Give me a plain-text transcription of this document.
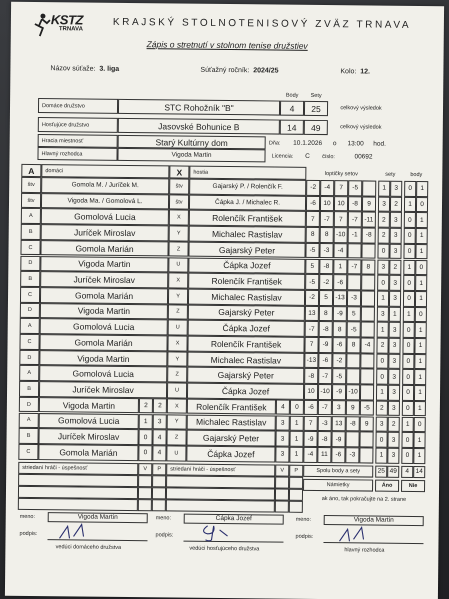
KSTZ
TRNAVA	KRAJSKÝ STOLNOTENISOVÝ ZVÄZ TRNAVA
Zápis o stretnutí v stolnom tenise družstiev
Názov súťaže: 3. liga	Súťažný ročník: 2024/25	Kolo: 12.
Body	Sety
Domáce družstvo	STC Rohožník "B"	4	25	celkový výsledok
Hosťujúce družstvo	Jasovské Bohunice B	14	49	celkový výsledok
Hracia miestnosť	Starý Kultúrny dom	Dňa:	10.1.2026	o	13:00	hod.
Hlavný rozhodca	Vigoda Martin	Licencia:	C	číslo:	00692
A	domáci	X	hostia	loptičky setov	sety	body
štv	Gomola M. / Juríček M.	štv	Gajarský P. / Rolenčík F.	-2	-4	7	-5	1	3	0	1
štv	Vigoda Ma. / Gomolová L.	štv	Čápka J. / Michalec R.	-6	10	10	-8	9	3	2	1	0
A	Gomolová Lucia	X	Rolenčík František	7	-7	7	-7	-11	2	3	0	1
B	Juríček Miroslav	Y	Michalec Rastislav	8	8	-10 -1	-8	2	3	0	1
C	Gomola Marián	Z	Gajarský Peter	-5	-3	-4	0	3	0	1
D	Vigoda Martin	U	Čápka Jozef	5	-8	1	-7	8	3	2	1	0
B	Juríček Miroslav	X	Rolenčík František	-5	-2	-6	0	3	0	1
C	Gomola Marián	Y	Michalec Rastislav	-2	5	-13 -3	1	3	0	1
D	Vigoda Martin	Z	Gajarský Peter	13	8	-9	5	3	1	1	0
A	Gomolová Lucia	U	Čápka Jozef	-7	-8	8	-5	1	3	0	1
C	Gomola Marián	X	Rolenčík František	7	-9	-6	8	-4	2	3	0	1
D	Vigoda Martin	Y	Michalec Rastislav	-13 -6	-2	0	3	0	1
A	Gomolová Lucia	Z	Gajarský Peter	-8	-7	-5	0	3	0	1
B	Juríček Miroslav	U	Čápka Jozef	10 -10 -9 -10	1	3	0	1
D	Vigoda Martin	2	2	X	Rolenčík František	4	0	-6	-7	3	9	-5	2	3	0	1
A	Gomolová Lucia	1	3	Y	Michalec Rastislav	3	1	7	-3	13	-8	9	3	2	1	0
B	Juríček Miroslav	0	4	Z	Gajarský Peter	3	1	-9	-8	-9	0	3	0	1
C	Gomola Marián	0	4	U	Čápka Jozef	3	1	-4	11	-6	-3	1	3	0	1
striedaní hráči - úspešnosť	V	P	striedaní hráči - úspešnosť	V	P	Spolu body a sety	25 49	4 14
Námietky	Áno	Nie
ak áno, tak pokračujte na 2. strane
meno:	Vigoda Martin
podpis:
vedúci domáceho družstva
meno:	Čápka Jozef
podpis:
vedúci hosťujúceho družstva
meno:	Vigoda Martin
podpis:
hlavný rozhodca
